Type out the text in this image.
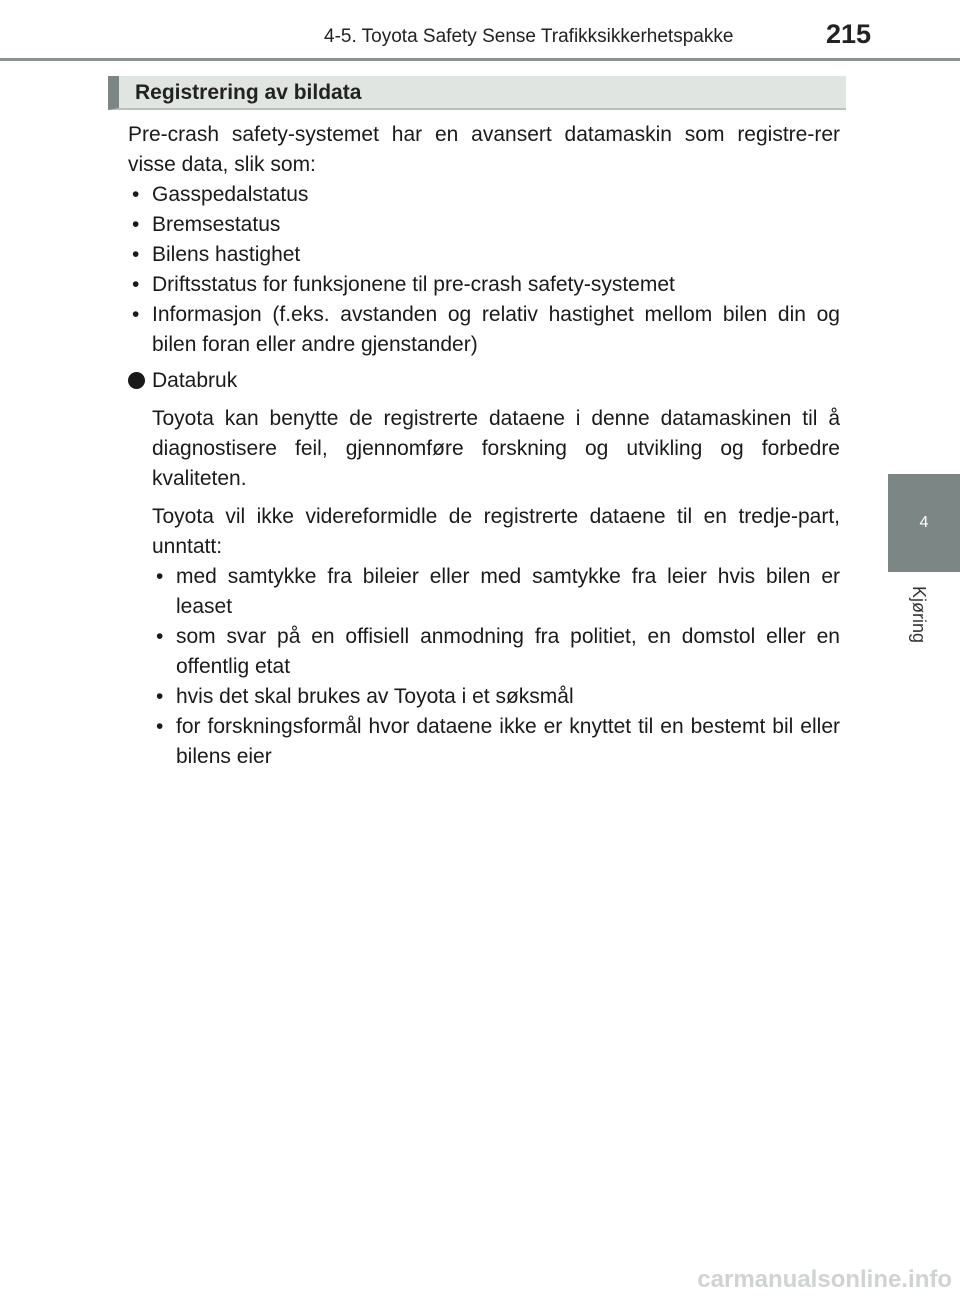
4-5. Toyota Safety Sense Trafikksikkerhetspakke	215
4
Kjøring
Registrering av bildata

Pre-crash safety-systemet har en avansert datamaskin som registre-rer visse data, slik som:

• Gasspedalstatus
• Bremsestatus
• Bilens hastighet
• Driftsstatus for funksjonene til pre-crash safety-systemet
• Informasjon (f.eks. avstanden og relativ hastighet mellom bilen din og bilen foran eller andre gjenstander)
Databruk

Toyota kan benytte de registrerte dataene i denne datamaskinen til å diagnostisere feil, gjennomføre forskning og utvikling og forbedre kvaliteten.

Toyota vil ikke videreformidle de registrerte dataene til en tredje-part, unntatt:

• med samtykke fra bileier eller med samtykke fra leier hvis bilen er leaset
• som svar på en offisiell anmodning fra politiet, en domstol eller en offentlig etat
• hvis det skal brukes av Toyota i et søksmål
• for forskningsformål hvor dataene ikke er knyttet til en bestemt bil eller bilens eier
carmanualsonline.info
